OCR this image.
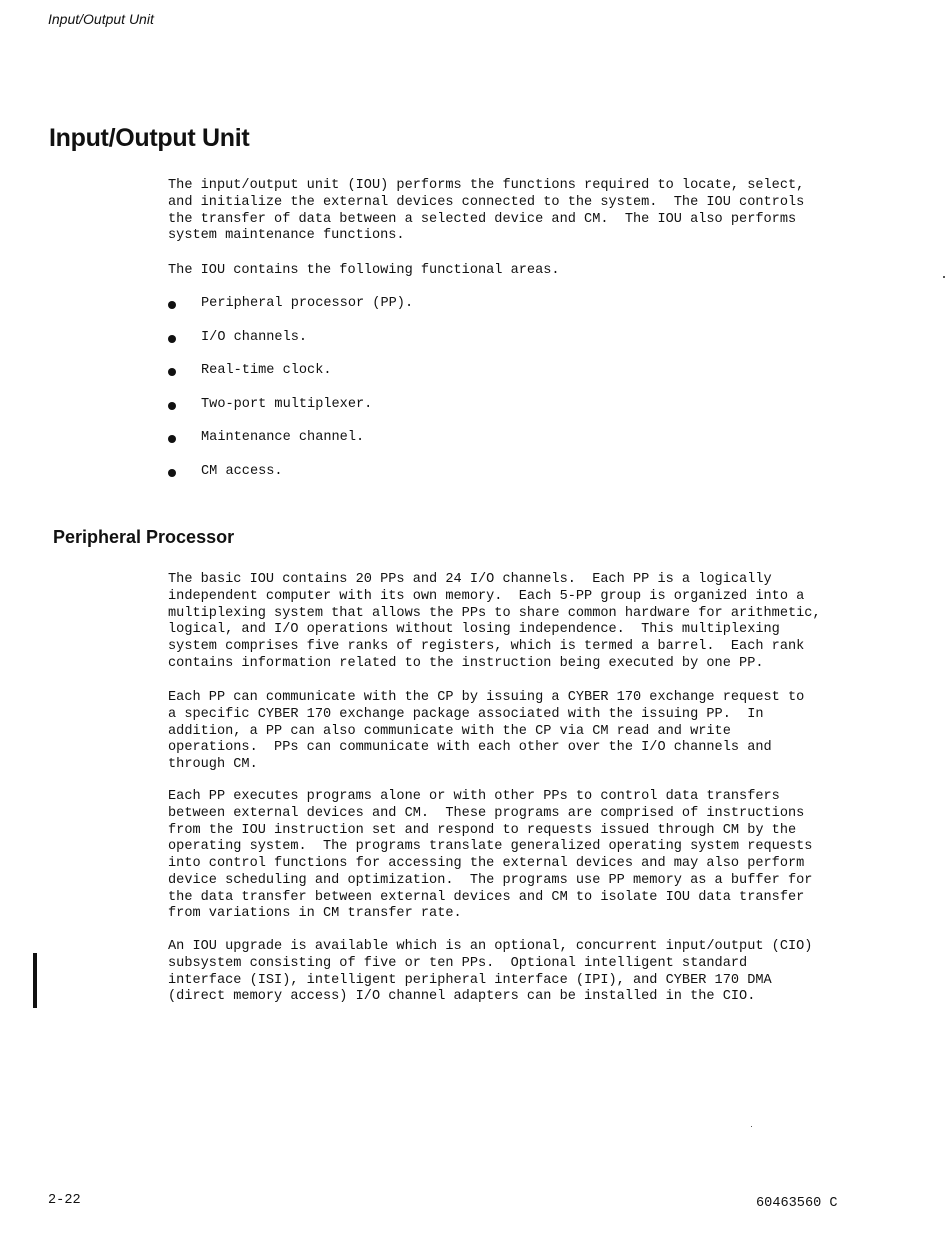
Input/Output Unit
Input/Output Unit

The input/output unit (IOU) performs the functions required to locate, select,
and initialize the external devices connected to the system.  The IOU controls
the transfer of data between a selected device and CM.  The IOU also performs
system maintenance functions.

The IOU contains the following functional areas.

Peripheral processor (PP).
I/O channels.
Real-time clock.
Two-port multiplexer.
Maintenance channel.
CM access.
Peripheral Processor

The basic IOU contains 20 PPs and 24 I/O channels.  Each PP is a logically
independent computer with its own memory.  Each 5-PP group is organized into a
multiplexing system that allows the PPs to share common hardware for arithmetic,
logical, and I/O operations without losing independence.  This multiplexing
system comprises five ranks of registers, which is termed a barrel.  Each rank
contains information related to the instruction being executed by one PP.

Each PP can communicate with the CP by issuing a CYBER 170 exchange request to
a specific CYBER 170 exchange package associated with the issuing PP.  In
addition, a PP can also communicate with the CP via CM read and write
operations.  PPs can communicate with each other over the I/O channels and
through CM.

Each PP executes programs alone or with other PPs to control data transfers
between external devices and CM.  These programs are comprised of instructions
from the IOU instruction set and respond to requests issued through CM by the
operating system.  The programs translate generalized operating system requests
into control functions for accessing the external devices and may also perform
device scheduling and optimization.  The programs use PP memory as a buffer for
the data transfer between external devices and CM to isolate IOU data transfer
from variations in CM transfer rate.

An IOU upgrade is available which is an optional, concurrent input/output (CIO)
subsystem consisting of five or ten PPs.  Optional intelligent standard
interface (ISI), intelligent peripheral interface (IPI), and CYBER 170 DMA
(direct memory access) I/O channel adapters can be installed in the CIO.

2-22	60463560 C
